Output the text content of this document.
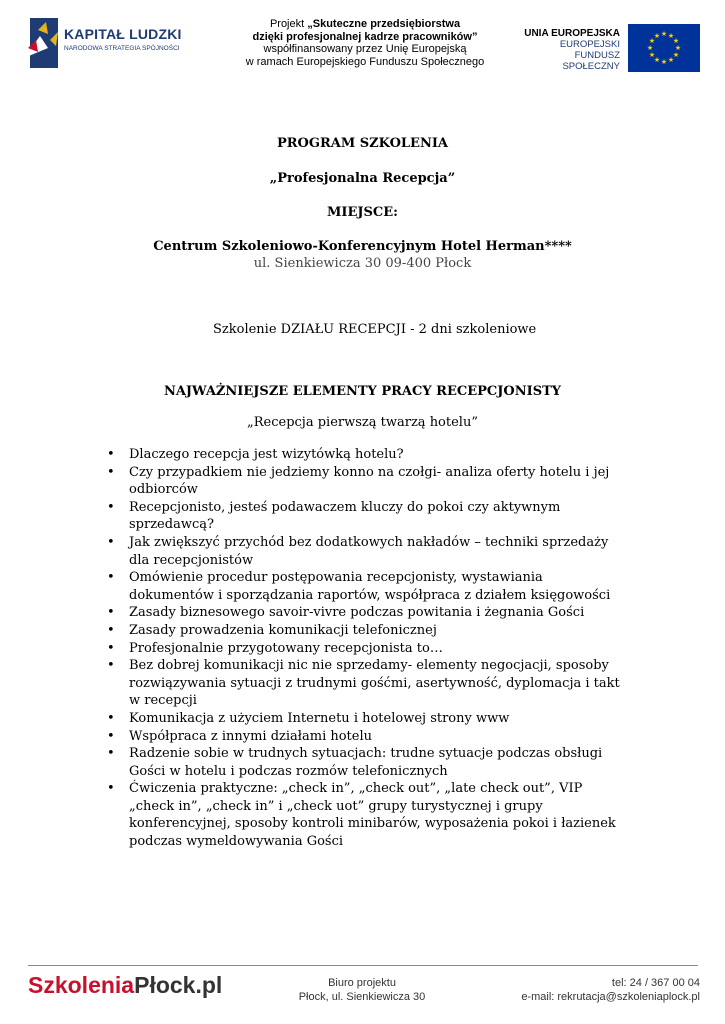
KAPITAŁ LUDZKI
NARODOWA STRATEGIA SPÓJNOŚCI
Projekt „Skuteczne przedsiębiorstwa
dzięki profesjonalnej kadrze pracowników”
współfinansowany przez Unię Europejską
w ramach Europejskiego Funduszu Społecznego
UNIA EUROPEJSKA
EUROPEJSKI
FUNDUSZ SPOŁECZNY
★ ★
★
★
★
★
★
★
★
★
★
★
PROGRAM SZKOLENIA
„Profesjonalna Recepcja”
MIEJSCE:
Centrum Szkoleniowo-Konferencyjnym Hotel Herman****
ul. Sienkiewicza 30 09-400 Płock
Szkolenie DZIAŁU RECEPCJI - 2 dni szkoleniowe
NAJWAŻNIEJSZE ELEMENTY PRACY RECEPCJONISTY
„Recepcja pierwszą twarzą hotelu”
• Dlaczego recepcja jest wizytówką hotelu?
• Czy przypadkiem nie jedziemy konno na czołgi- analiza oferty hotelu i jej odbiorców
• Recepcjonisto, jesteś podawaczem kluczy do pokoi czy aktywnym sprzedawcą?
• Jak zwiększyć przychód bez dodatkowych nakładów – techniki sprzedaży dla recepcjonistów
• Omówienie procedur postępowania recepcjonisty, wystawiania dokumentów i sporządzania raportów, współpraca z działem księgowości
• Zasady biznesowego savoir-vivre podczas powitania i żegnania Gości
• Zasady prowadzenia komunikacji telefonicznej
• Profesjonalnie przygotowany recepcjonista to…
• Bez dobrej komunikacji nic nie sprzedamy- elementy negocjacji, sposoby rozwiązywania sytuacji z trudnymi gośćmi, asertywność, dyplomacja i takt w recepcji
• Komunikacja z użyciem Internetu i hotelowej strony www
• Współpraca z innymi działami hotelu
• Radzenie sobie w trudnych sytuacjach: trudne sytuacje podczas obsługi Gości w hotelu i podczas rozmów telefonicznych
• Ćwiczenia praktyczne: „check in”, „check out”, „late check out”, VIP „check in”, „check in” i „check uot” grupy turystycznej i grupy konferencyjnej, sposoby kontroli minibarów, wyposażenia pokoi i łazienek podczas wymeldowywania Gości
SzkoleniaPłock.pl	Biuro projektu
Płock, ul. Sienkiewicza 30
tel: 24 / 367 00 04
e-mail: rekrutacja@szkoleniaplock.pl
